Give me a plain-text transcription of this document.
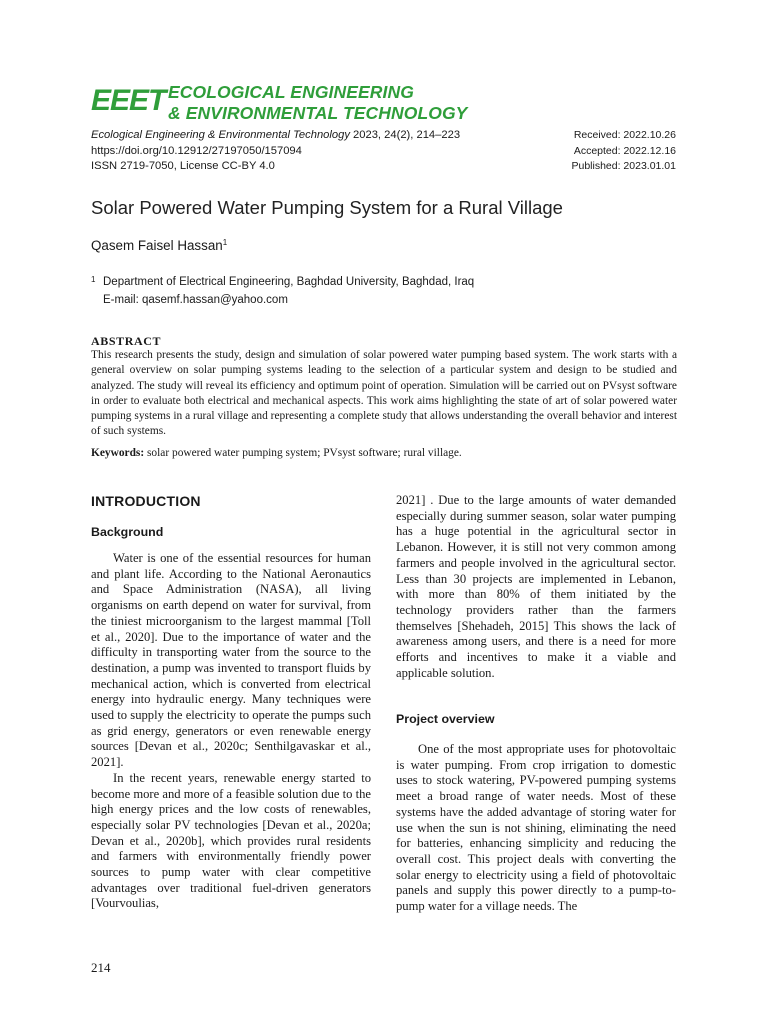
EEET ECOLOGICAL ENGINEERING
& ENVIRONMENTAL TECHNOLOGY
Ecological Engineering & Environmental Technology 2023, 24(2), 214–223
https://doi.org/10.12912/27197050/157094
ISSN 2719-7050, License CC-BY 4.0
Received: 2022.10.26
Accepted: 2022.12.16
Published: 2023.01.01
Solar Powered Water Pumping System for a Rural Village
Qasem Faisel Hassan$^1$
1 Department of Electrical Engineering, Baghdad University, Baghdad, Iraq
E-mail: qasemf.hassan@yahoo.com
ABSTRACT
This research presents the study, design and simulation of solar powered water pumping based system. The work starts with a general overview on solar pumping systems leading to the selection of a particular system and design to be studied and analyzed. The study will reveal its efficiency and optimum point of operation. Simulation will be carried out on PVsyst software in order to evaluate both electrical and mechanical aspects. This work aims highlighting the state of art of solar powered water pumping systems in a rural village and representing a complete study that allows understanding the overall behavior and interest of such systems.
Keywords: solar powered water pumping system; PVsyst software; rural village.
INTRODUCTION
Background

Water is one of the essential resources for human and plant life. According to the National Aeronautics and Space Administration (NASA), all living organisms on earth depend on water for survival, from the tiniest microorganism to the largest mammal [Toll et al., 2020]. Due to the importance of water and the difficulty in transporting water from the source to the destination, a pump was invented to transport fluids by mechanical action, which is converted from electrical energy into hydraulic energy. Many techniques were used to supply the electricity to operate the pumps such as grid energy, generators or even renewable energy sources [Devan et al., 2020c; Senthilgavaskar et al., 2021].

In the recent years, renewable energy started to become more and more of a feasible solution due to the high energy prices and the low costs of renewables, especially solar PV technologies [Devan et al., 2020a; Devan et al., 2020b], which provides rural residents and farmers with environmentally friendly power sources to pump water with clear competitive advantages over traditional fuel-driven generators [Vourvoulias,

2021] . Due to the large amounts of water demanded especially during summer season, solar water pumping has a huge potential in the agricultural sector in Lebanon. However, it is still not very common among farmers and people involved in the agricultural sector. Less than 30 projects are implemented in Lebanon, with more than 80% of them initiated by the technology providers rather than the farmers themselves [Shehadeh, 2015] This shows the lack of awareness among users, and there is a need for more efforts and incentives to make it a viable and applicable solution.

Project overview

One of the most appropriate uses for photovoltaic is water pumping. From crop irrigation to domestic uses to stock watering, PV-powered pumping systems meet a broad range of water needs. Most of these systems have the added advantage of storing water for use when the sun is not shining, eliminating the need for batteries, enhancing simplicity and reducing the overall cost. This project deals with converting the solar energy to electricity using a field of photovoltaic panels and supply this power directly to a pump-to-pump water for a village needs. The

214
